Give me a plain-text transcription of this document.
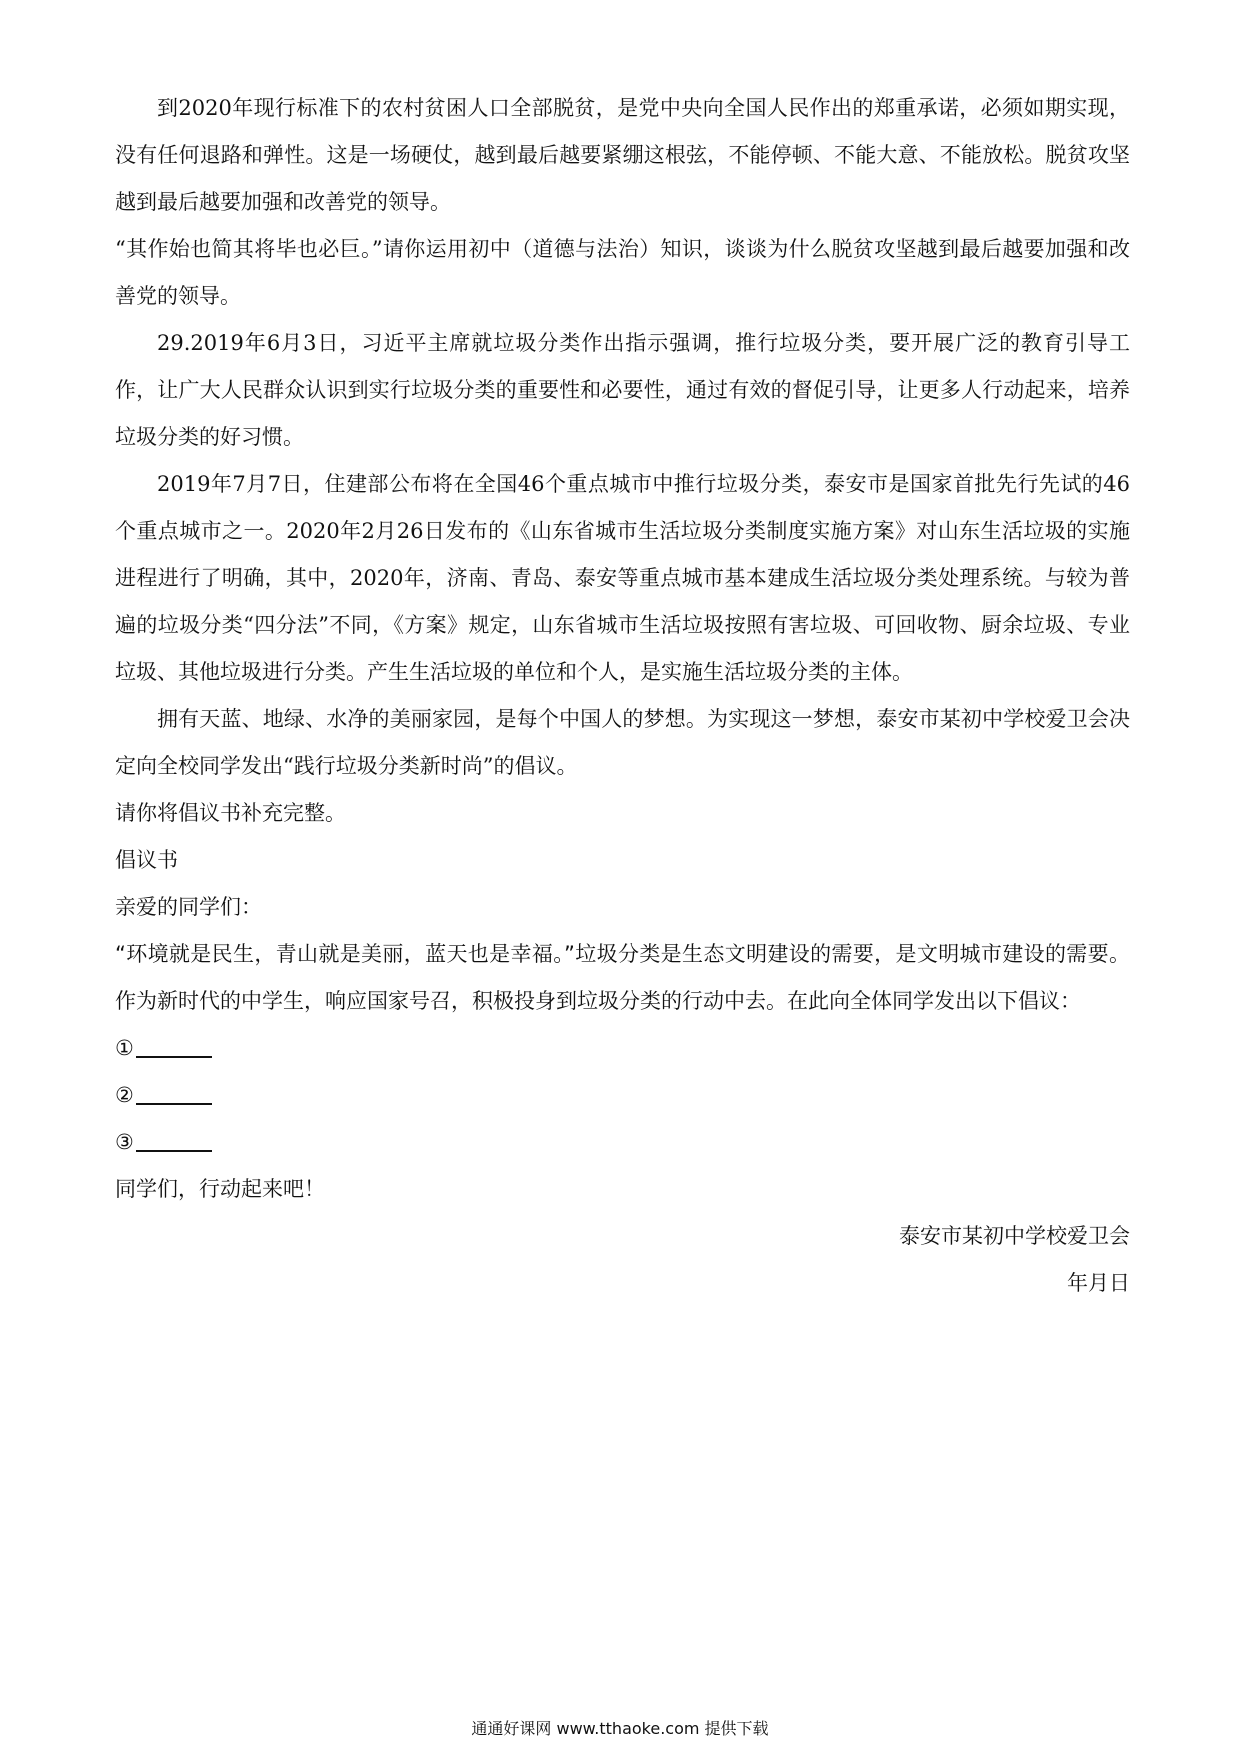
到2020年现行标准下的农村贫困人口全部脱贫，是党中央向全国人民作出的郑重承诺，必须如期实现，没有任何退路和弹性。这是一场硬仗，越到最后越要紧绷这根弦，不能停顿、不能大意、不能放松。脱贫攻坚越到最后越要加强和改善党的领导。

“其作始也简其将毕也必巨。”请你运用初中（道德与法治）知识，谈谈为什么脱贫攻坚越到最后越要加强和改善党的领导。

29.2019年6月3日，习近平主席就垃圾分类作出指示强调，推行垃圾分类，要开展广泛的教育引导工作，让广大人民群众认识到实行垃圾分类的重要性和必要性，通过有效的督促引导，让更多人行动起来，培养垃圾分类的好习惯。

2019年7月7日，住建部公布将在全国46个重点城市中推行垃圾分类，泰安市是国家首批先行先试的46个重点城市之一。2020年2月26日发布的《山东省城市生活垃圾分类制度实施方案》对山东生活垃圾的实施进程进行了明确，其中，2020年，济南、青岛、泰安等重点城市基本建成生活垃圾分类处理系统。与较为普遍的垃圾分类“四分法”不同，《方案》规定，山东省城市生活垃圾按照有害垃圾、可回收物、厨余垃圾、专业垃圾、其他垃圾进行分类。产生生活垃圾的单位和个人，是实施生活垃圾分类的主体。

拥有天蓝、地绿、水净的美丽家园，是每个中国人的梦想。为实现这一梦想，泰安市某初中学校爱卫会决定向全校同学发出“践行垃圾分类新时尚”的倡议。

请你将倡议书补充完整。

倡议书

亲爱的同学们：

“环境就是民生，青山就是美丽，蓝天也是幸福。”垃圾分类是生态文明建设的需要，是文明城市建设的需要。作为新时代的中学生，响应国家号召，积极投身到垃圾分类的行动中去。在此向全体同学发出以下倡议：

①
②
③

同学们，行动起来吧！

泰安市某初中学校爱卫会

年月日

通通好课网 www.tthaoke.com 提供下载
